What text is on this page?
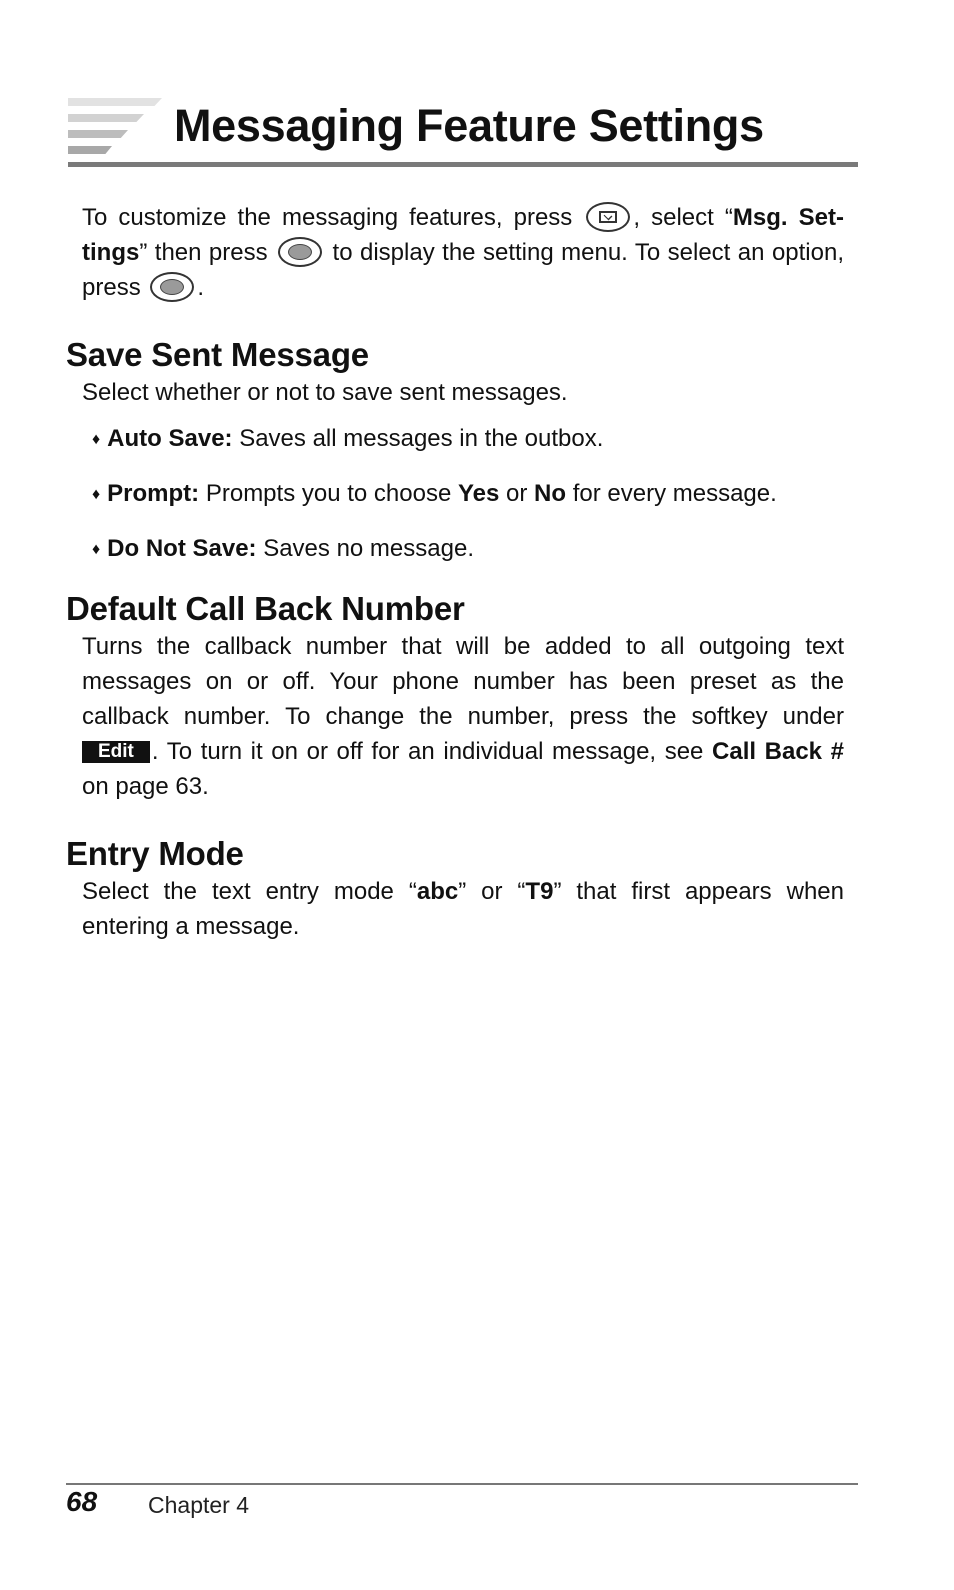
Messaging Feature Settings

To customize the messaging features, press
, select “Msg. Set-tings” then press
to display the setting menu. To select an option, press
.

Save Sent Message

Select whether or not to save sent messages.

♦ Auto Save: Saves all messages in the outbox.
♦ Prompt: Prompts you to choose Yes or No for every message.
♦ Do Not Save: Saves no message.
Default Call Back Number

Turns the callback number that will be added to all outgoing text messages on or off. Your phone number has been preset as the callback number. To change the number, press the softkey under Edit . To turn it on or off for an individual message, see Call Back # on page 63.

Entry Mode

Select the text entry mode “abc” or “T9” that first appears when entering a message.

68 Chapter 4
